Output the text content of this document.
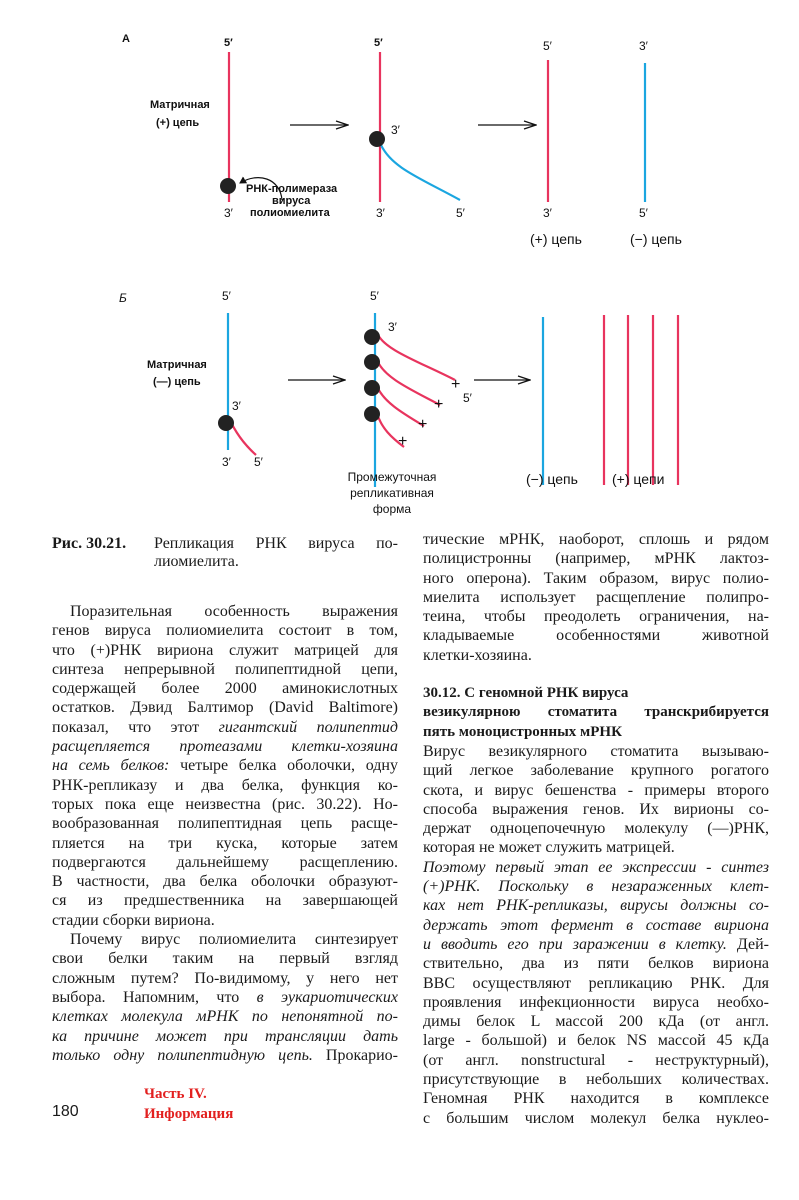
А	5′
Матричная
(+) цепь
РНК-полимераза
вируса
полиомиелита
3′
5′
3′
3′	5′
5′
3′
3′
5′
(+) цепь	(−) цепь
Б	5′
Матричная
(—) цепь
3′
3′ 5′
5′
3′
5′
+
+
+
+
Промежуточная
репликативная
форма
(−) цепь (+) цепи
Рис. 30.21. Репликация РНК вируса по-
лиомиелита.
Поразительная особенность выражения
генов вируса полиомиелита состоит в том,
что (+)РНК вириона служит матрицей для
синтеза непрерывной полипептидной цепи,
содержащей более 2000 аминокислотных
остатков. Дэвид Балтимор (David Baltimore)
показал, что этот гигантский полипептид
расщепляется протеазами клетки-хозяина
на семь белков: четыре белка оболочки, одну
РНК-репликазу и два белка, функция ко-
торых пока еще неизвестна (рис. 30.22). Но-
вообразованная полипептидная цепь расще-
пляется на три куска, которые затем
подвергаются дальнейшему расщеплению.
В частности, два белка оболочки образуют-
ся из предшественника на завершающей
стадии сборки вириона.
Почему вирус полиомиелита синтезирует
свои белки таким на первый взгляд
сложным путем? По-видимому, у него нет
выбора. Напомним, что в эукариотических
клетках молекула мРНК по непонятной по-
ка причине может при трансляции дать
только одну полипептидную цепь. Прокарио-
тические мРНК, наоборот, сплошь и рядом
полицистронны (например, мРНК лактоз-
ного оперона). Таким образом, вирус полио-
миелита использует расщепление полипро-
теина, чтобы преодолеть ограничения, на-
кладываемые особенностями животной
клетки-хозяина.
30.12. С геномной РНК вируса
везикулярною стоматита транскрибируется
пять моноцистронных мРНК
Вирус везикулярного стоматита вызываю-
щий легкое заболевание крупного рогатого
скота, и вирус бешенства - примеры второго
способа выражения генов. Их вирионы со-
держат одноцепочечную молекулу (—)РНК,
которая не может служить матрицей.
Поэтому первый этап ее экспрессии - синтез
(+)РНК. Поскольку в незараженных клет-
ках нет РНК-репликазы, вирусы должны со-
держать этот фермент в составе вириона
и вводить его при заражении в клетку. Дей-
ствительно, два из пяти белков вириона
ВВС осуществляют репликацию РНК. Для
проявления инфекционности вируса необхо-
димы белок L массой 200 кДа (от англ.
large - большой) и белок NS массой 45 кДа
(от англ. nonstructural - неструктурный),
присутствующие в небольших количествах.
Геномная РНК находится в комплексе
с большим числом молекул белка нуклео-
Часть IV.
Информация
180
